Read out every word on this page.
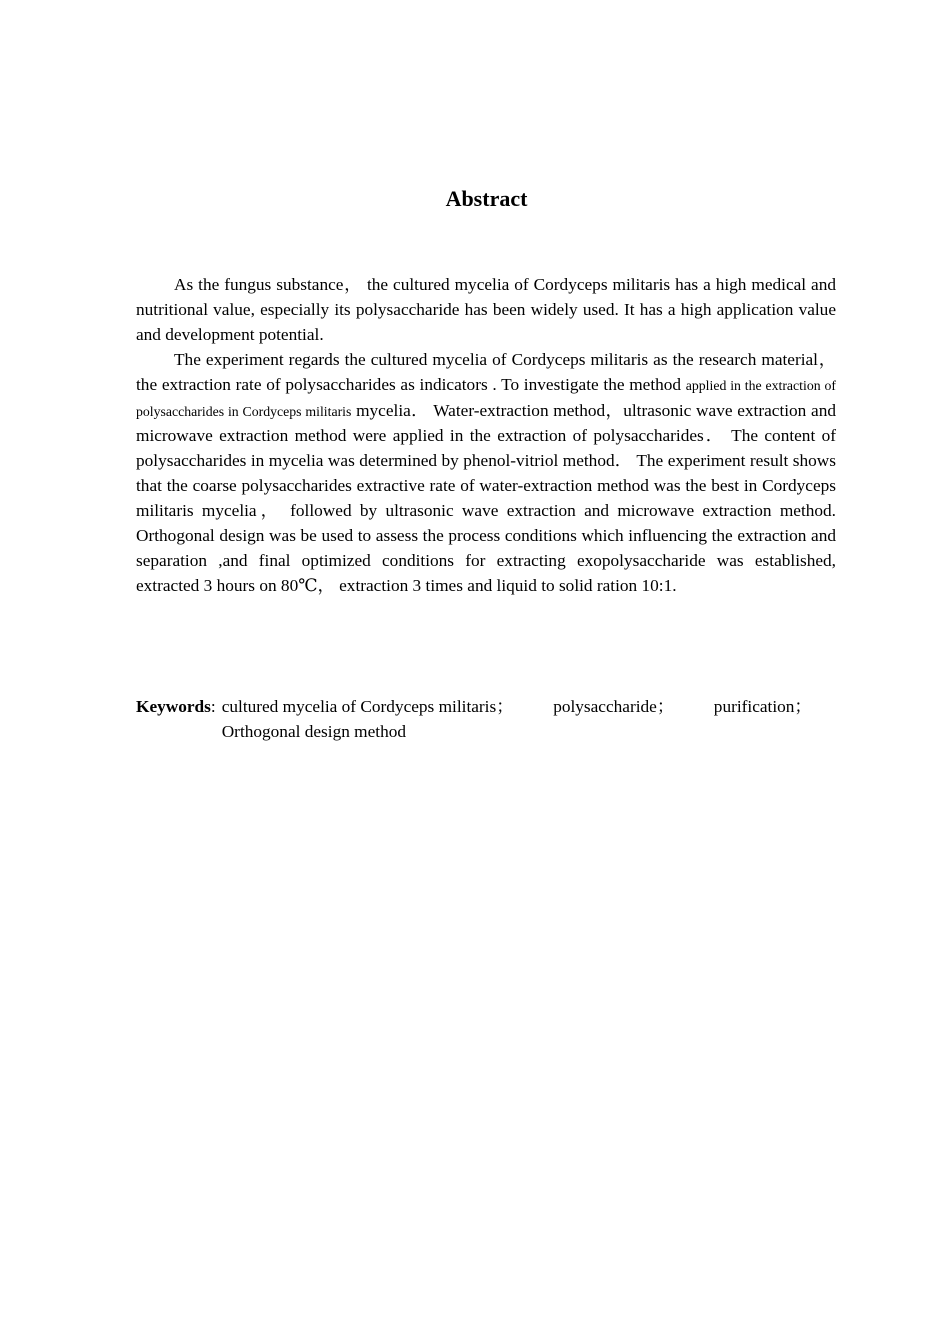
Abstract

As the fungus substance， the cultured mycelia of Cordyceps militaris has a high medical and nutritional value, especially its polysaccharide has been widely used. It has a high application value and development potential.

The experiment regards the cultured mycelia of Cordyceps militaris as the research material， the extraction rate of polysaccharides as indicators . To investigate the method applied in the extraction of polysaccharides in Cordyceps militaris mycelia． Water-extraction method，ultrasonic wave extraction and microwave extraction method were applied in the extraction of polysaccharides． The content of polysaccharides in mycelia was determined by phenol-vitriol method． The experiment result shows that the coarse polysaccharides extractive rate of water-extraction method was the best in Cordyceps militaris mycelia， followed by ultrasonic wave extraction and microwave extraction method. Orthogonal design was be used to assess the process conditions which influencing the extraction and separation ,and final optimized conditions for extracting exopolysaccharide was established, extracted 3 hours on 80℃， extraction 3 times and liquid to solid ration 10:1.

Keywords : cultured mycelia of Cordyceps militaris； polysaccharide； purification；
Orthogonal design method
